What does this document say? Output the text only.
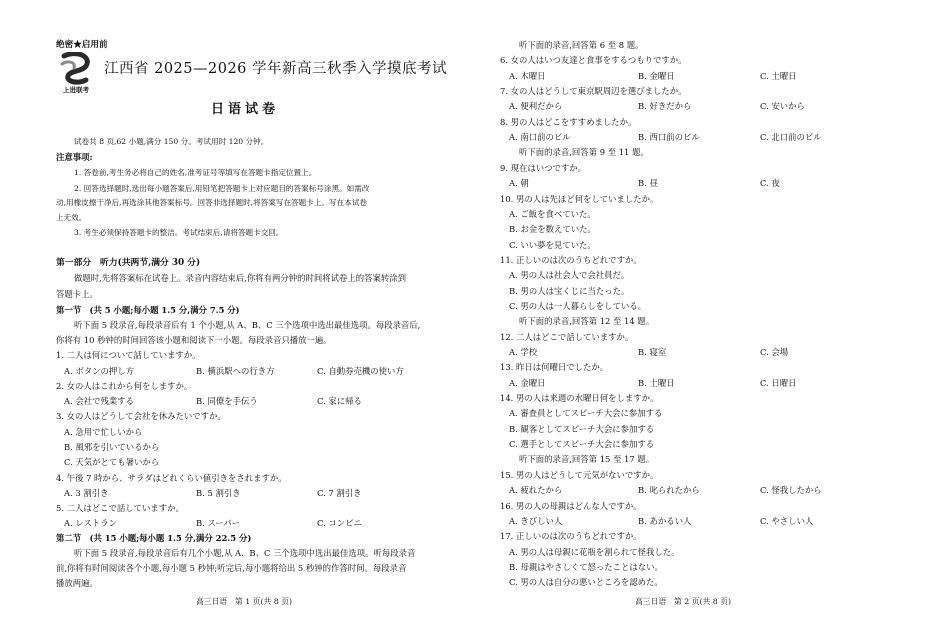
绝密★启用前
上进联考
江西省 2025—2026 学年新高三秋季入学摸底考试
日语试卷
试卷共 8 页,62 小题,满分 150 分。考试用时 120 分钟。
注意事项:
1. 答卷前,考生务必将自己的姓名,准考证号等填写在答题卡指定位置上。
2. 回答选择题时,选出每小题答案后,用铅笔把答题卡上对应题目的答案标号涂黑。如需改
动,用橡皮擦干净后,再选涂其他答案标号。回答非选择题时,将答案写在答题卡上。写在本试卷
上无效。
3. 考生必须保持答题卡的整洁。考试结束后,请将答题卡交回。
第一部分　听力(共两节,满分 30 分)
做题时,先将答案标在试卷上。录音内容结束后,你将有两分钟的时间将试卷上的答案转涂到
答题卡上。
第一节　(共 5 小题;每小题 1.5 分,满分 7.5 分)
听下面 5 段录音,每段录音后有 1 个小题,从 A、B、C 三个选项中选出最佳选项。每段录音后,
你将有 10 秒钟的时间回答该小题和阅读下一小题。每段录音只播放一遍。
1. 二人は何について話していますか。
A. ボタンの押し方	B. 横浜駅への行き方	C. 自動券売機の使い方
2. 女の人はこれから何をしますか。
A. 会社で残業する	B. 同僚を手伝う	C. 家に帰る
3. 女の人はどうして会社を休みたいですか。
A. 急用で忙しいから
B. 風邪を引いているから
C. 天気がとても暑いから
4. 午後 7 時から、サラダはどれくらい値引きをされますか。
A. 3 割引き	B. 5 割引き	C. 7 割引き
5. 二人はどこで話していますか。
A. レストラン	B. スーパー	C. コンビニ
第二节　(共 15 小题;每小题 1.5 分,满分 22.5 分)
听下面 5 段录音,每段录音后有几个小题,从 A、B、C 三个选项中选出最佳选项。听每段录音
前,你将有时间阅读各个小题,每小题 5 秒钟;听完后,每小题将给出 5 秒钟的作答时间。每段录音
播放两遍。
高三日语　第 1 页(共 8 页)
听下面的录音,回答第 6 至 8 题。
6. 女の人はいつ友達と食事をするつもりですか。
A. 木曜日	B. 金曜日	C. 土曜日
7. 女の人はどうして東京駅周辺を選びましたか。
A. 便利だから	B. 好きだから	C. 安いから
8. 男の人はどこをすすめましたか。
A. 南口前のビル	B. 西口前のビル	C. 北口前のビル
听下面的录音,回答第 9 至 11 题。
9. 現在はいつですか。
A. 朝	B. 昼	C. 夜
10. 男の人は先ほど何をしていましたか。
A. ご飯を食べていた。
B. お金を数えていた。
C. いい夢を見ていた。
11. 正しいのは次のうちどれですか。
A. 男の人は社会人で会社員だ。
B. 男の人は宝くじに当たった。
C. 男の人は一人暮らしをしている。
听下面的录音,回答第 12 至 14 题。
12. 二人はどこで話していますか。
A. 学校	B. 寝室	C. 会場
13. 昨日は何曜日でしたか。
A. 金曜日	B. 土曜日	C. 日曜日
14. 男の人は来週の水曜日何をしますか。
A. 審査員としてスピーチ大会に参加する
B. 観客としてスピーチ大会に参加する
C. 選手としてスピーチ大会に参加する
听下面的录音,回答第 15 至 17 题。
15. 男の人はどうして元気がないですか。
A. 疲れたから	B. 叱られたから	C. 怪我したから
16. 男の人の母親はどんな人ですか。
A. きびしい人	B. あかるい人	C. やさしい人
17. 正しいのは次のうちどれですか。
A. 男の人は母親に花瓶を割られて怪我した。
B. 母親はやさしくて怒ったことはない。
C. 男の人は自分の悪いところを認めた。
高三日语　第 2 页(共 8 页)
